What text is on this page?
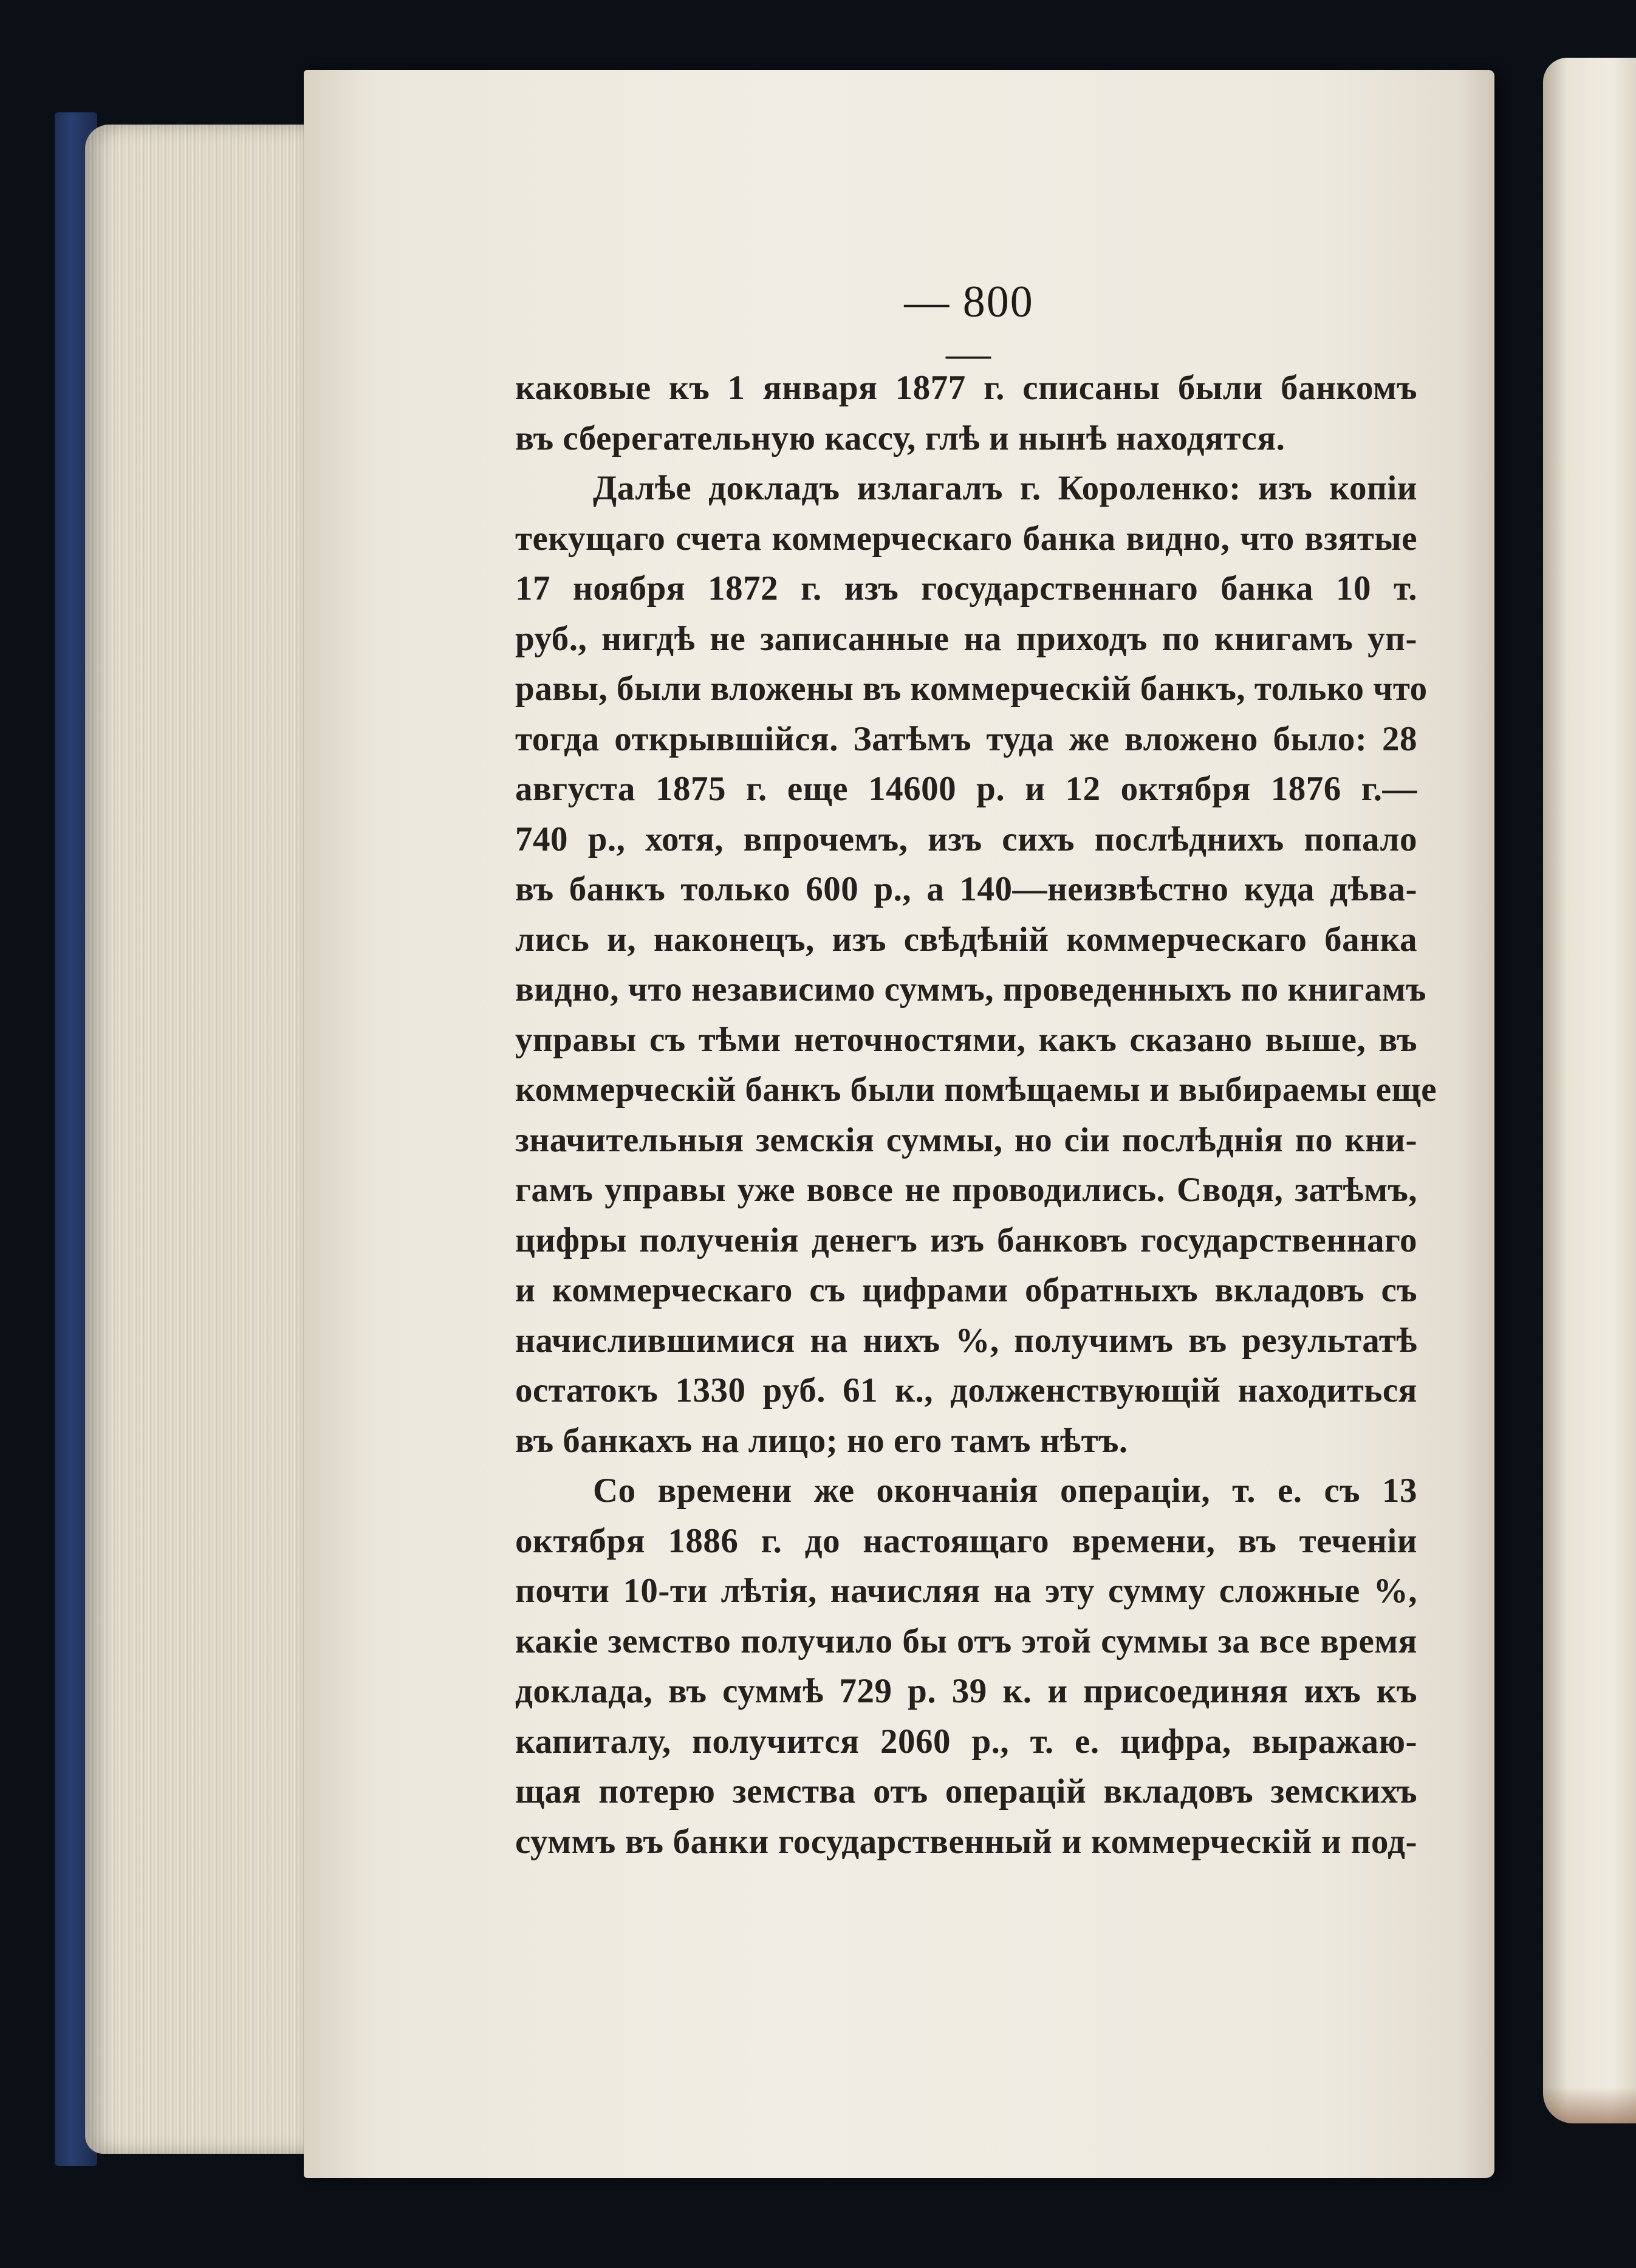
— 800 —
каковые къ 1 января 1877 г. списаны были банкомъ
въ сберегательную кассу, глѣ и нынѣ находятся.
Далѣе докладъ излагалъ г. Короленко: изъ копіи
текущаго счета коммерческаго банка видно, что взятые
17 ноября 1872 г. изъ государственнаго банка 10 т.
руб., нигдѣ не записанные на приходъ по книгамъ уп-
равы, были вложены въ коммерческій банкъ, только что
тогда открывшійся. Затѣмъ туда же вложено было: 28
августа 1875 г. еще 14600 р. и 12 октября 1876 г.—
740 р., хотя, впрочемъ, изъ сихъ послѣднихъ попало
въ банкъ только 600 р., а 140—неизвѣстно куда дѣва-
лись и, наконецъ, изъ свѣдѣній коммерческаго банка
видно, что независимо суммъ, проведенныхъ по книгамъ
управы съ тѣми неточностями, какъ сказано выше, въ
коммерческій банкъ были помѣщаемы и выбираемы еще
значительныя земскія суммы, но сіи послѣднія по кни-
гамъ управы уже вовсе не проводились. Сводя, затѣмъ,
цифры полученія денегъ изъ банковъ государственнаго
и коммерческаго съ цифрами обратныхъ вкладовъ съ
начислившимися на нихъ %, получимъ въ результатѣ
остатокъ 1330 руб. 61 к., долженствующій находиться
въ банкахъ на лицо; но его тамъ нѣтъ.
Со времени же окончанія операціи, т. е. съ 13
октября 1886 г. до настоящаго времени, въ теченіи
почти 10-ти лѣтія, начисляя на эту сумму сложные %,
какіе земство получило бы отъ этой суммы за все время
доклада, въ суммѣ 729 р. 39 к. и присоединяя ихъ къ
капиталу, получится 2060 р., т. е. цифра, выражаю-
щая потерю земства отъ операцій вкладовъ земскихъ
суммъ въ банки государственный и коммерческій и под-
